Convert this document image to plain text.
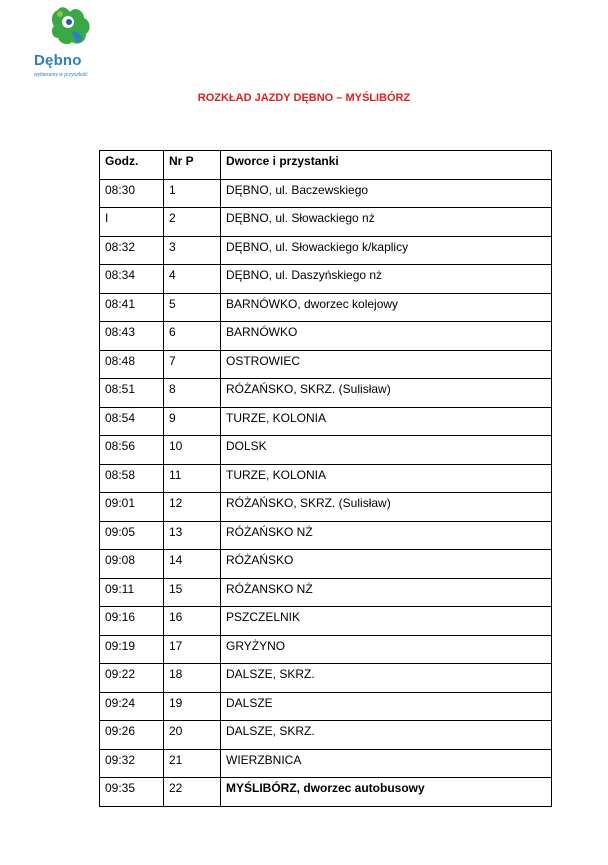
Dębno
wybieramy w przyszłość
ROZKŁAD JAZDY DĘBNO – MYŚLIBÓRZ
Godz.	Nr P	Dworce i przystanki
08:30	1	DĘBNO, ul. Baczewskiego
I	2	DĘBNO, ul. Słowackiego nż
08:32	3	DĘBNO, ul. Słowackiego k/kaplicy
08:34	4	DĘBNO, ul. Daszyńskiego nż
08:41	5	BARNÓWKO, dworzec kolejowy
08:43	6	BARNÓWKO
08:48	7	OSTROWIEC
08:51	8	RÓŻAŃSKO, SKRZ. (Sulisław)
08:54	9	TURZE, KOLONIA
08:56	10	DOLSK
08:58	11	TURZE, KOLONIA
09:01	12	RÓŻAŃSKO, SKRZ. (Sulisław)
09:05	13	RÓŻAŃSKO NŻ
09:08	14	RÓŻAŃSKO
09:11	15	RÓŻANSKO NŻ
09:16	16	PSZCZELNIK
09:19	17	GRYŻYNO
09:22	18	DALSZE, SKRZ.
09:24	19	DALSZE
09:26	20	DALSZE, SKRZ.
09:32	21	WIERZBNICA
09:35	22	MYŚLIBÓRZ, dworzec autobusowy
